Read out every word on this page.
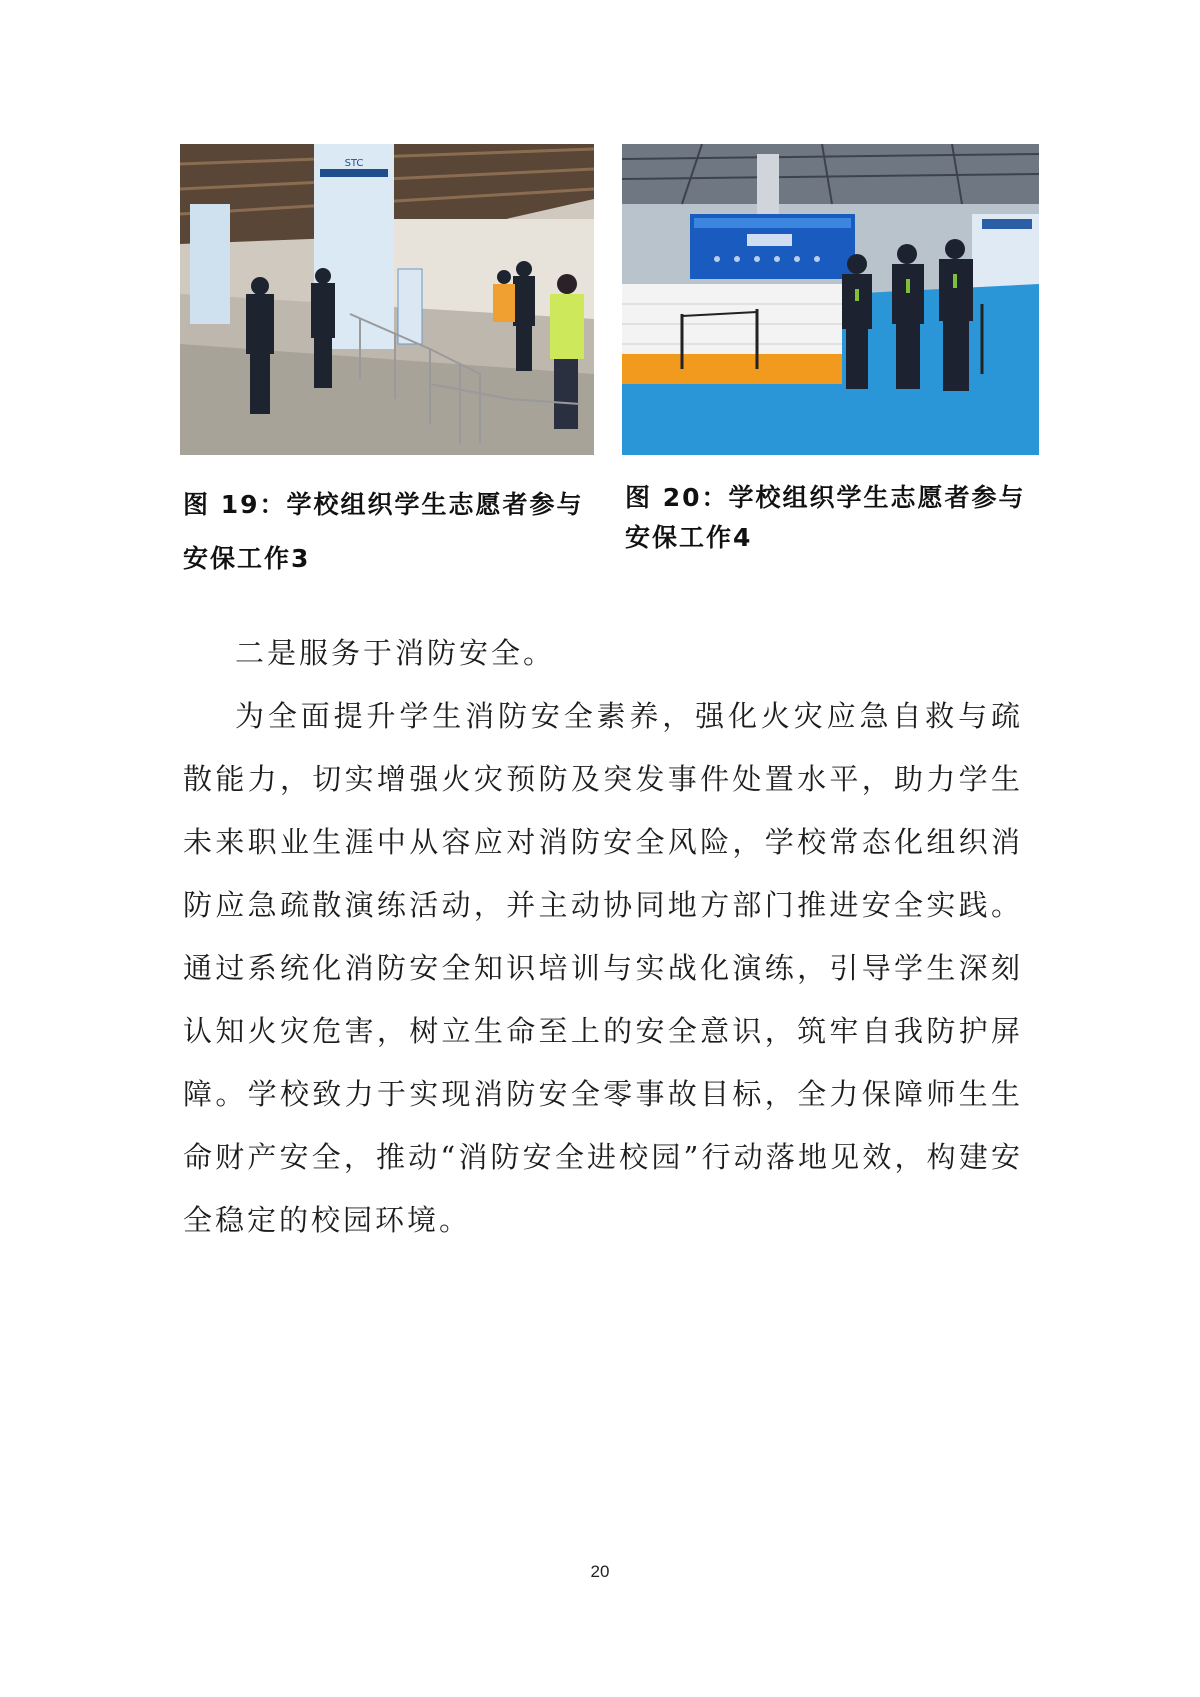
STC
图 19：学校组织学生志愿者参与安保工作3
图 20：学校组织学生志愿者参与安保工作4
二是服务于消防安全。
为全面提升学生消防安全素养，强化火灾应急自救与疏散能力，切实增强火灾预防及突发事件处置水平，助力学生未来职业生涯中从容应对消防安全风险，学校常态化组织消防应急疏散演练活动，并主动协同地方部门推进安全实践。通过系统化消防安全知识培训与实战化演练，引导学生深刻认知火灾危害，树立生命至上的安全意识，筑牢自我防护屏障。学校致力于实现消防安全零事故目标，全力保障师生生命财产安全，推动“消防安全进校园”行动落地见效，构建安全稳定的校园环境。
20
